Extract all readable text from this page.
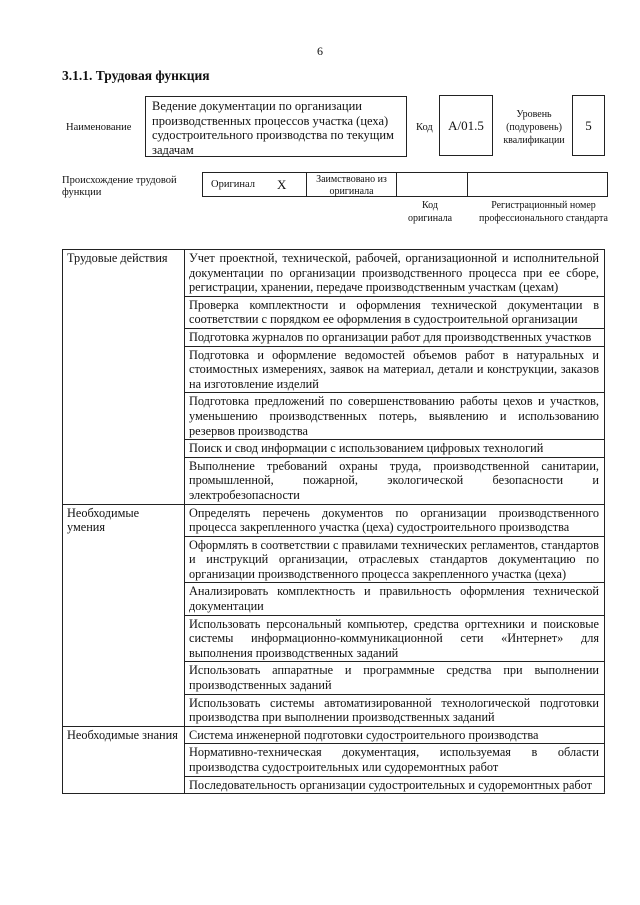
6
3.1.1. Трудовая функция
Наименование
Ведение документации по организации производственных процессов участка (цеха) судостроительного производства по текущим задачам
Код	A/01.5
Уровень (подуровень) квалификации
5
Происхождение трудовой функции
Оригинал X	Заимствовано из оригинала
Код оригинала
Регистрационный номер профессионального стандарта
Трудовые действия	Учет проектной, технической, рабочей, организационной и исполнительной документации по организации производственного процесса при ее сборе, регистрации, хранении, передаче производственным участкам (цехам)
	Проверка комплектности и оформления технической документации в соответствии с порядком ее оформления в судостроительной организации
	Подготовка журналов по организации работ для производственных участков
	Подготовка и оформление ведомостей объемов работ в натуральных и стоимостных измерениях, заявок на материал, детали и конструкции, заказов на изготовление изделий
	Подготовка предложений по совершенствованию работы цехов и участков, уменьшению производственных потерь, выявлению и использованию резервов производства
	Поиск и свод информации с использованием цифровых технологий
	Выполнение требований охраны труда, производственной санитарии, промышленной, пожарной, экологической безопасности и электробезопасности
Необходимые умения	Определять перечень документов по организации производственного процесса закрепленного участка (цеха) судостроительного производства
	Оформлять в соответствии с правилами технических регламентов, стандартов и инструкций организации, отраслевых стандартов документацию по организации производственного процесса закрепленного участка (цеха)
	Анализировать комплектность и правильность оформления технической документации
	Использовать персональный компьютер, средства оргтехники и поисковые системы информационно-коммуникационной сети «Интернет» для выполнения производственных заданий
	Использовать аппаратные и программные средства при выполнении производственных заданий
	Использовать системы автоматизированной технологической подготовки производства при выполнении производственных заданий
Необходимые знания	Система инженерной подготовки судостроительного производства
	Нормативно-техническая документация, используемая в области производства судостроительных или судоремонтных работ
	Последовательность организации судостроительных и судоремонтных работ
